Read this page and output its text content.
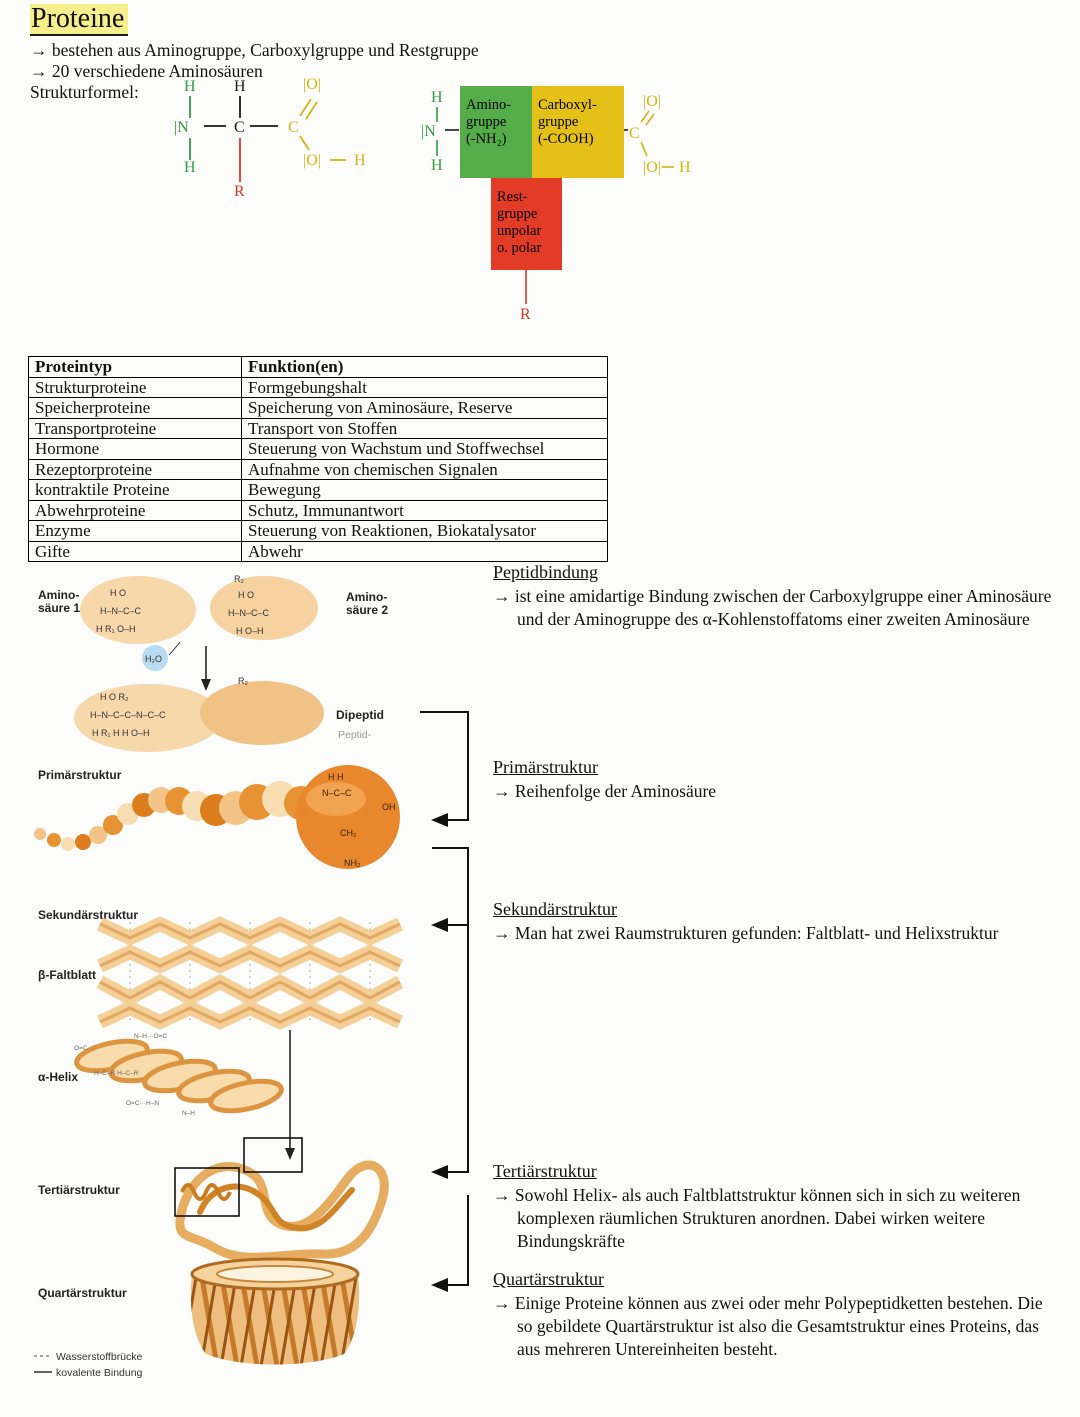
Proteine
→ bestehen aus Aminogruppe, Carboxylgruppe und Restgruppe
→ 20 verschiedene Aminosäuren
Strukturformel:	H H	|O|
|N	C	C
H
R
|O| H
H
|N
H
C
|O|
|O| H
R
Amino-
gruppe
(-NH₂)
Carboxyl-
gruppe
(-COOH)
Rest-
gruppe
unpolar
o. polar
Proteintyp	Funktion(en)
Strukturproteine	Formgebungshalt
Speicherproteine	Speicherung von Aminosäure, Reserve
Transportproteine	Transport von Stoffen
Hormone	Steuerung von Wachstum und Stoffwechsel
Rezeptorproteine	Aufnahme von chemischen Signalen
kontraktile Proteine	Bewegung
Abwehrproteine	Schutz, Immunantwort
Enzyme	Steuerung von Reaktionen, Biokatalysator
Gifte	Abwehr
Amino-
säure 1
Amino-
säure 2
H O
H–N–C–C
H R₁ O–H
R₂
H O
H–N–C–C
H O–H
H₂O
H O R₂
H–N–C–C–N–C–C
H R₁ H H O–H
R₂
Dipeptid
Peptid-
Primärstruktur	H H
N–C–C
OH
CH₂
NH₂
Sekundärstruktur
β-Faltblatt
α-Helix
N–H···O=C
O=C
H–C–R H–C–R
N–H
O=C···H–N
Tertiärstruktur
Quartärstruktur
Wasserstoffbrücke
kovalente Bindung
Peptidbindung

→ ist eine amidartige Bindung zwischen der Carboxylgruppe einer Aminosäure und der Aminogruppe des α-Kohlenstoffatoms einer zweiten Aminosäure

Primärstruktur

→ Reihenfolge der Aminosäure

Sekundärstruktur

→ Man hat zwei Raumstrukturen gefunden: Faltblatt- und Helixstruktur

Tertiärstruktur

→ Sowohl Helix- als auch Faltblattstruktur können sich in sich zu weiteren komplexen räumlichen Strukturen anordnen. Dabei wirken weitere Bindungskräfte

Quartärstruktur

→ Einige Proteine können aus zwei oder mehr Polypeptidketten bestehen. Die so gebildete Quartärstruktur ist also die Gesamtstruktur eines Proteins, das aus mehreren Untereinheiten besteht.
